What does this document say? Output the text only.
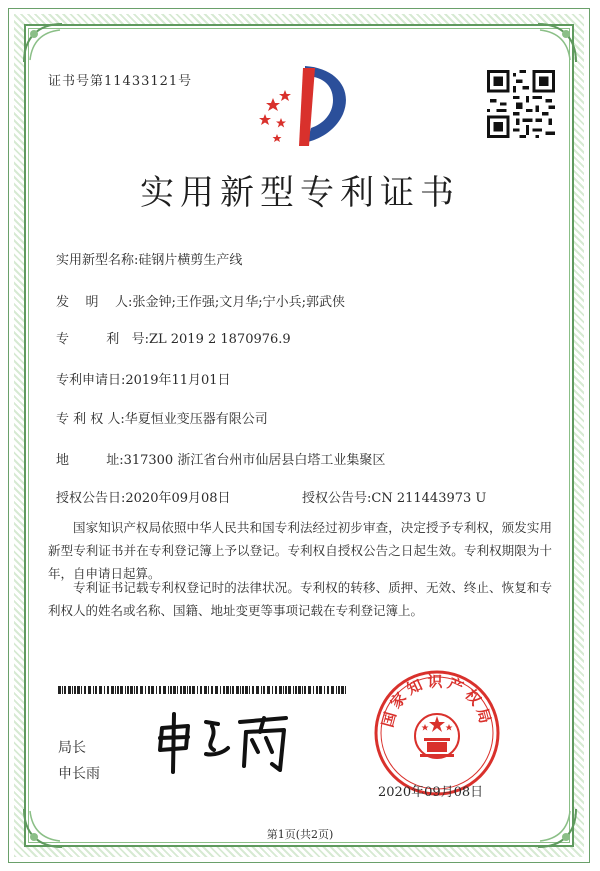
证书号第11433121号
实用新型专利证书
实用新型名称:硅钢片横剪生产线
发    明    人:张金钟;王作强;文月华;宁小兵;郭武侠
专         利   号:ZL 2019 2 1870976.9
专利申请日:2019年11月01日
专 利 权 人:华夏恒业变压器有限公司
地         址:317300 浙江省台州市仙居县白塔工业集聚区
授权公告日:2020年09月08日	授权公告号:CN 211443973 U
国家知识产权局依照中华人民共和国专利法经过初步审查，决定授予专利权，颁发实用新型专利证书并在专利登记簿上予以登记。专利权自授权公告之日起生效。专利权期限为十年，自申请日起算。
专利证书记载专利权登记时的法律状况。专利权的转移、质押、无效、终止、恢复和专利权人的姓名或名称、国籍、地址变更等事项记载在专利登记簿上。
局长
申长雨
国家知识产权局
2020年09月08日
第1页(共2页)
